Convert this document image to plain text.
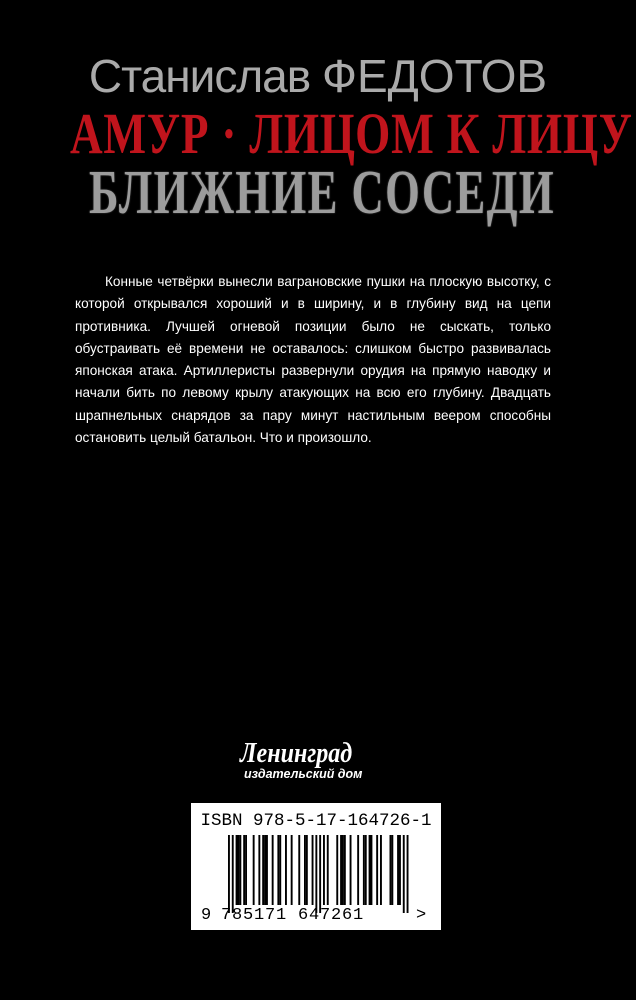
Станислав ФЕДОТОВ
АМУР · ЛИЦОМ К ЛИЦУ
БЛИЖНИЕ СОСЕДИ

Конные четвёрки вынесли ваграновские пушки на плоскую высотку, с которой открывался хороший и в ширину, и в глубину вид на цепи противника. Лучшей огневой позиции было не сыскать, только обустраивать её времени не оставалось: слишком быстро развивалась японская атака. Артиллеристы развернули орудия на прямую наводку и начали бить по левому крылу атакующих на всю его глубину. Двадцать шрапнельных снарядов за пару минут настильным веером способны остановить целый батальон. Что и произошло.

Ленинград
издательский дом
ISBN 978-5-17-164726-1
9 785171 647261	>
